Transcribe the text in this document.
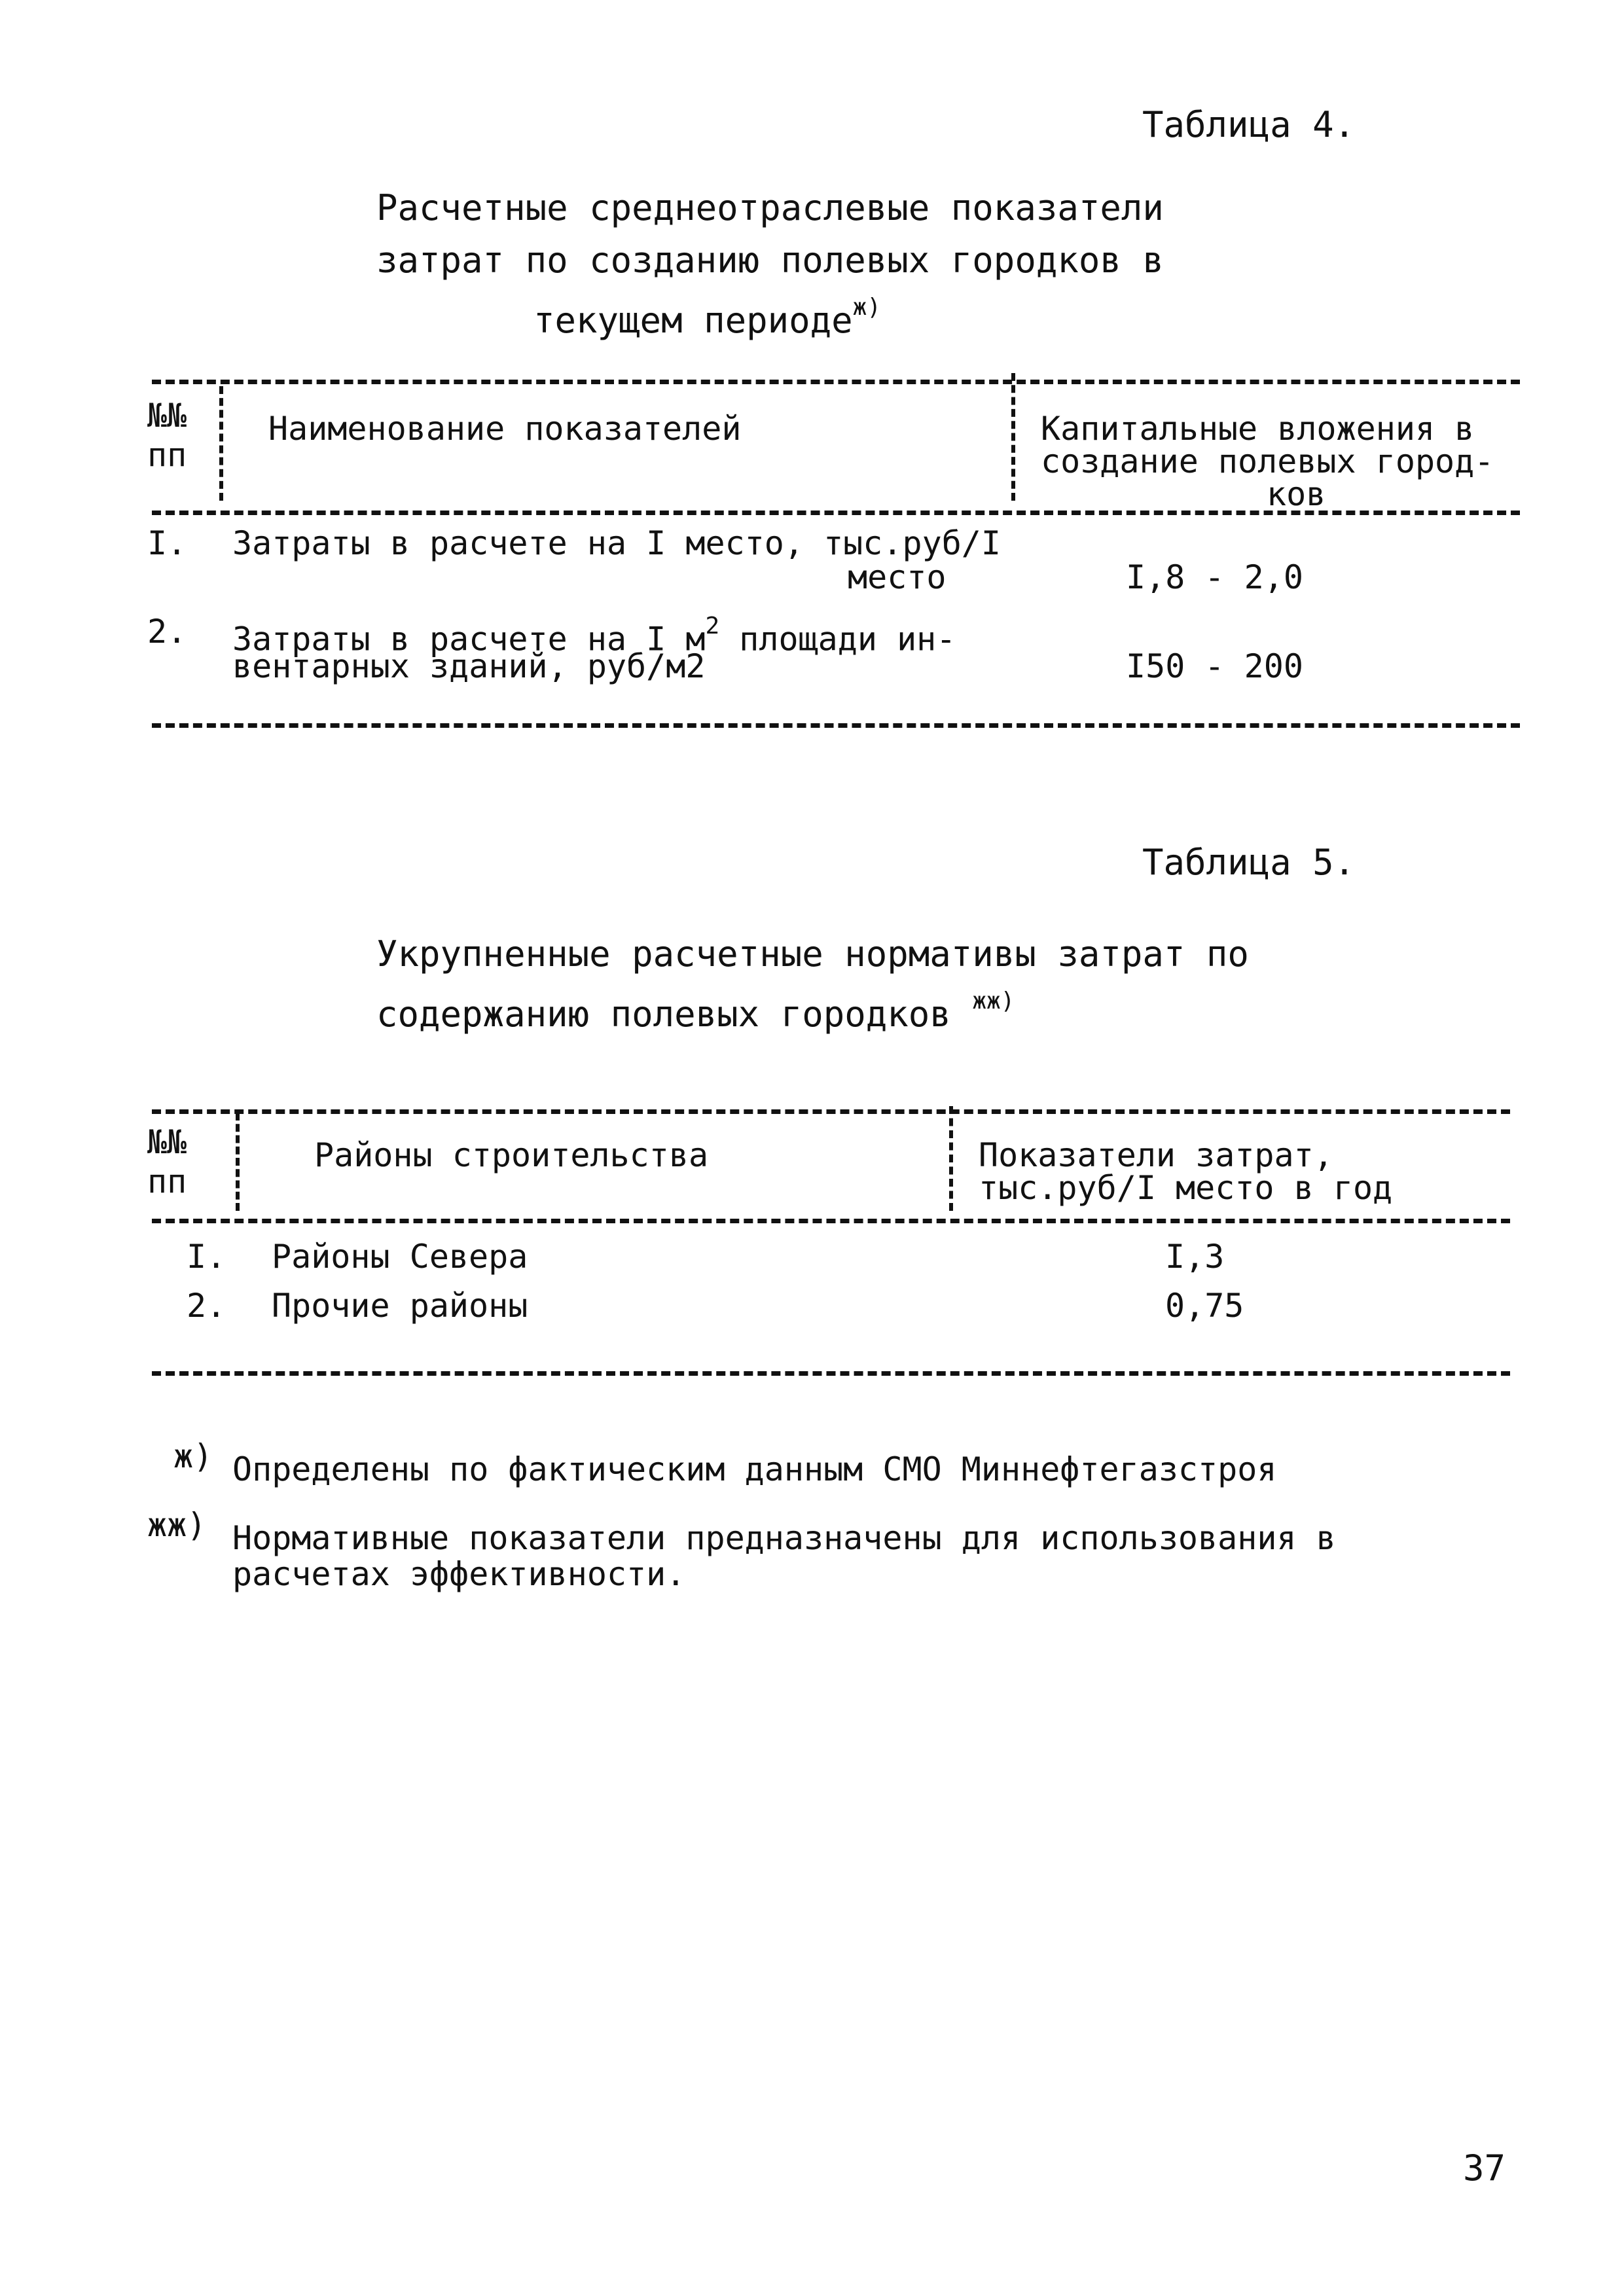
Таблица 4.
Расчетные среднеотраслевые показатели
затрат по созданию полевых городков в
текущем периоде$^{ж)}$
№№
пп
Наименование показателей	Капитальные вложения в
создание полевых город-
ков
I. Затраты в расчете на I место, тыс.руб/I
место	I,8 - 2,0
2. Затраты в расчете на I $м^2$ площади ин-
вентарных зданий, руб/м2	I50 - 200
Таблица 5.
Укрупненные расчетные нормативы затрат по
содержанию полевых городков $^{жж)}$
№№
пп
Районы строительства	Показатели затрат,
тыс.руб/I место в год
I. Районы Севера	I,3
2. Прочие районы	0,75
ж) Определены по фактическим данным СМО Миннефтегазстроя
жж) Нормативные показатели предназначены для использования в
расчетах эффективности.
37
